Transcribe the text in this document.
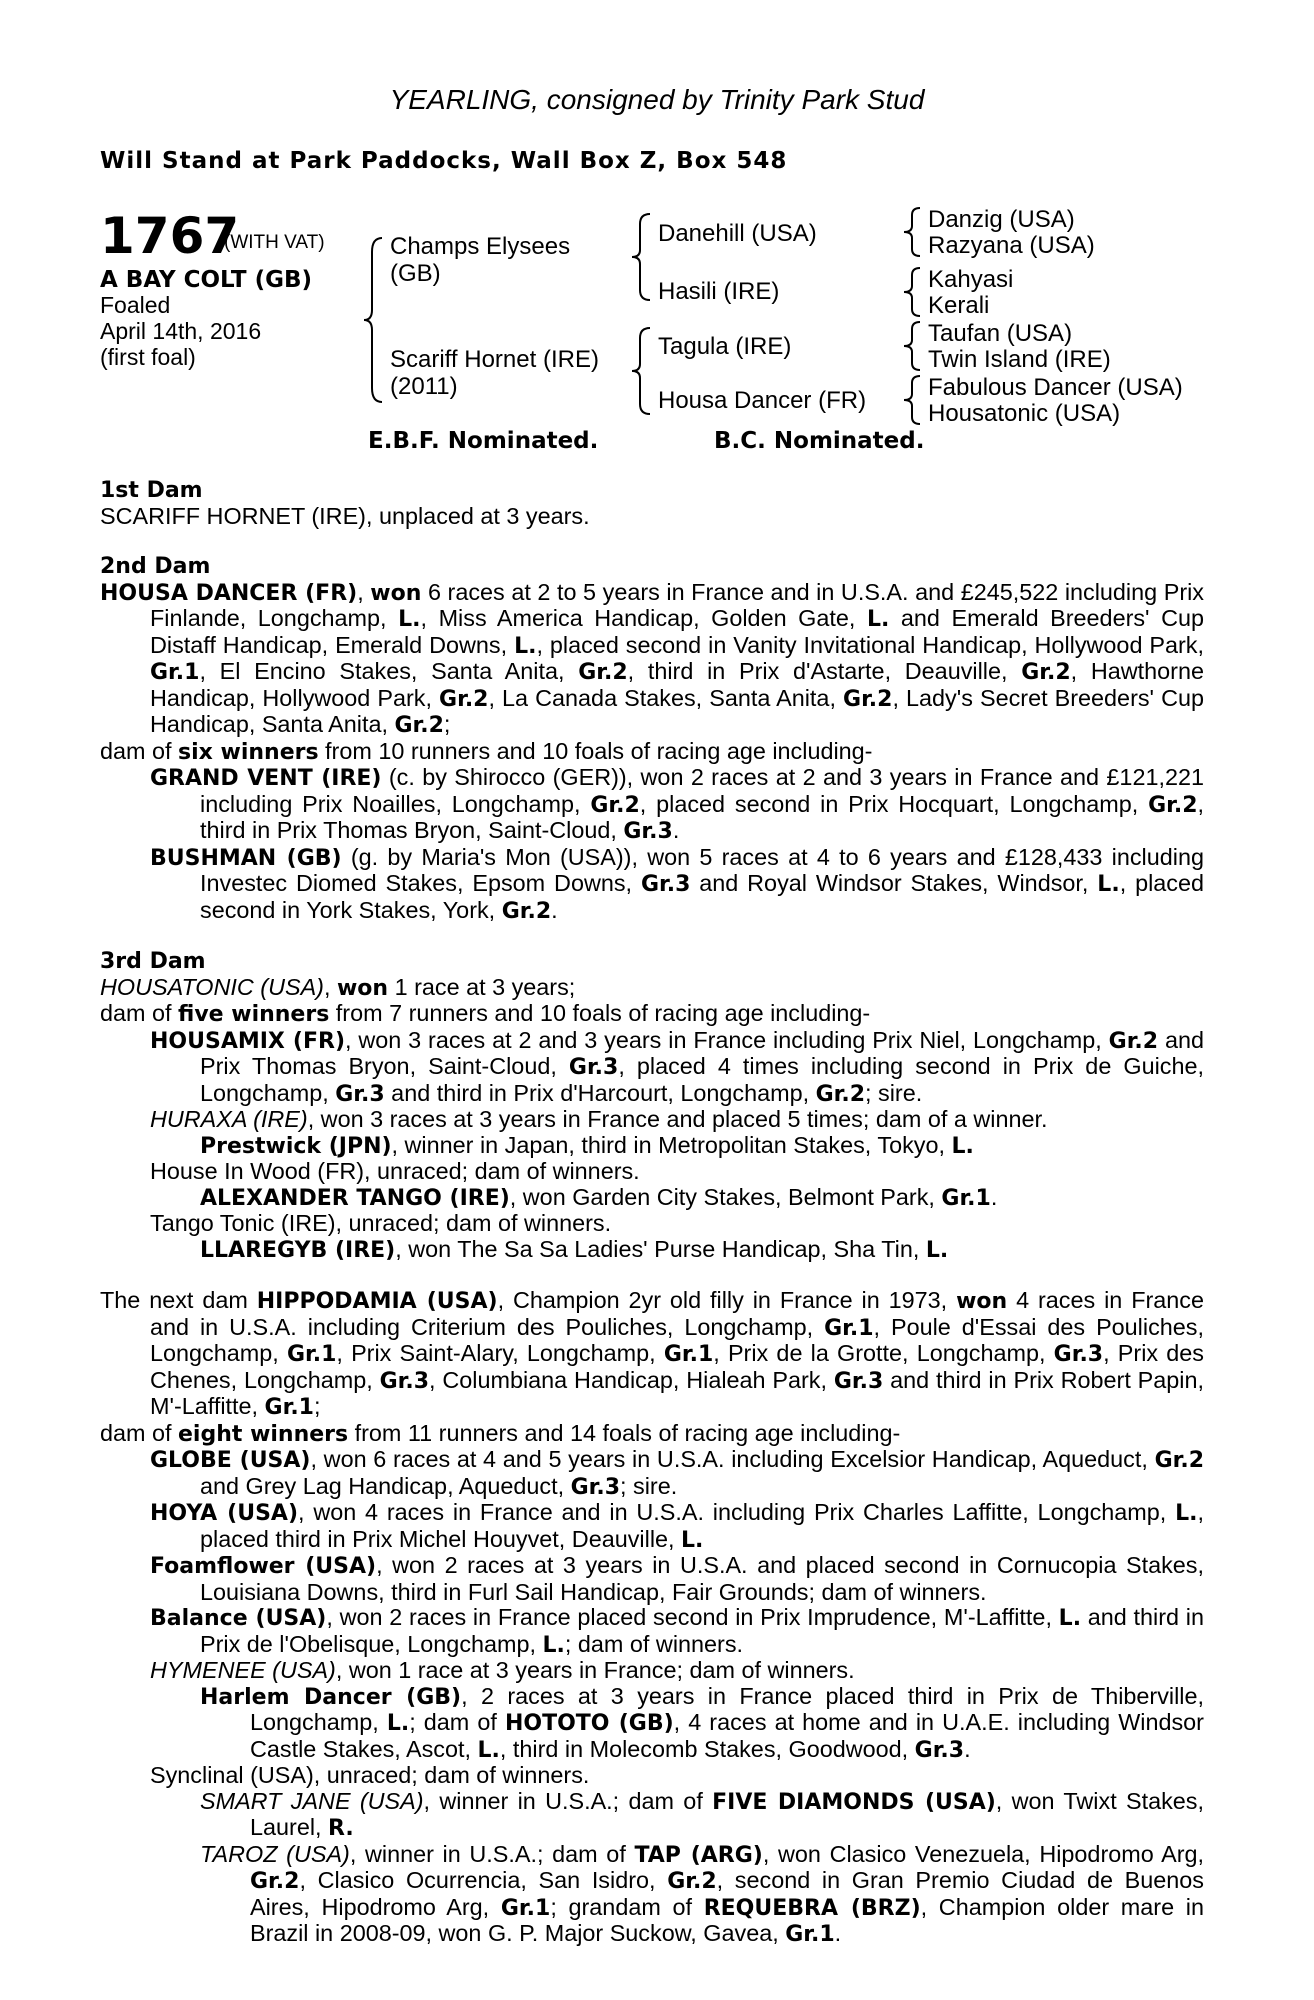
YEARLING, consigned by Trinity Park Stud
Will Stand at Park Paddocks, Wall Box Z, Box 548
1767
(WITH VAT)
A BAY COLT (GB)
Foaled
April 14th, 2016
(first foal)
Champs Elysees
(GB)
Scariff Hornet (IRE)
(2011)
Danehill (USA)
Hasili (IRE)
Tagula (IRE)
Housa Dancer (FR)
Danzig (USA)
Razyana (USA)
Kahyasi
Kerali
Taufan (USA)
Twin Island (IRE)
Fabulous Dancer (USA)
Housatonic (USA)
E.B.F. Nominated.	B.C. Nominated.

1st Dam

SCARIFF HORNET (IRE), unplaced at 3 years.

2nd Dam

HOUSA DANCER (FR), won 6 races at 2 to 5 years in France and in U.S.A. and £245,522 including Prix Finlande, Longchamp, L., Miss America Handicap, Golden Gate, L. and Emerald Breeders' Cup Distaff Handicap, Emerald Downs, L., placed second in Vanity Invitational Handicap, Hollywood Park, Gr.1, El Encino Stakes, Santa Anita, Gr.2, third in Prix d'Astarte, Deauville, Gr.2, Hawthorne Handicap, Hollywood Park, Gr.2, La Canada Stakes, Santa Anita, Gr.2, Lady's Secret Breeders' Cup Handicap, Santa Anita, Gr.2;

dam of six winners from 10 runners and 10 foals of racing age including-

GRAND VENT (IRE) (c. by Shirocco (GER)), won 2 races at 2 and 3 years in France and £121,221 including Prix Noailles, Longchamp, Gr.2, placed second in Prix Hocquart, Longchamp, Gr.2, third in Prix Thomas Bryon, Saint-Cloud, Gr.3.

BUSHMAN (GB) (g. by Maria's Mon (USA)), won 5 races at 4 to 6 years and £128,433 including Investec Diomed Stakes, Epsom Downs, Gr.3 and Royal Windsor Stakes, Windsor, L., placed second in York Stakes, York, Gr.2.

3rd Dam

HOUSATONIC (USA), won 1 race at 3 years;

dam of five winners from 7 runners and 10 foals of racing age including-

HOUSAMIX (FR), won 3 races at 2 and 3 years in France including Prix Niel, Longchamp, Gr.2 and Prix Thomas Bryon, Saint-Cloud, Gr.3, placed 4 times including second in Prix de Guiche, Longchamp, Gr.3 and third in Prix d'Harcourt, Longchamp, Gr.2; sire.

HURAXA (IRE), won 3 races at 3 years in France and placed 5 times; dam of a winner.

Prestwick (JPN), winner in Japan, third in Metropolitan Stakes, Tokyo, L.

House In Wood (FR), unraced; dam of winners.

ALEXANDER TANGO (IRE), won Garden City Stakes, Belmont Park, Gr.1.

Tango Tonic (IRE), unraced; dam of winners.

LLAREGYB (IRE), won The Sa Sa Ladies' Purse Handicap, Sha Tin, L.

The next dam HIPPODAMIA (USA), Champion 2yr old filly in France in 1973, won 4 races in France and in U.S.A. including Criterium des Pouliches, Longchamp, Gr.1, Poule d'Essai des Pouliches, Longchamp, Gr.1, Prix Saint-Alary, Longchamp, Gr.1, Prix de la Grotte, Longchamp, Gr.3, Prix des Chenes, Longchamp, Gr.3, Columbiana Handicap, Hialeah Park, Gr.3 and third in Prix Robert Papin, M'-Laffitte, Gr.1;

dam of eight winners from 11 runners and 14 foals of racing age including-

GLOBE (USA), won 6 races at 4 and 5 years in U.S.A. including Excelsior Handicap, Aqueduct, Gr.2 and Grey Lag Handicap, Aqueduct, Gr.3; sire.

HOYA (USA), won 4 races in France and in U.S.A. including Prix Charles Laffitte, Longchamp, L., placed third in Prix Michel Houyvet, Deauville, L.

Foamflower (USA), won 2 races at 3 years in U.S.A. and placed second in Cornucopia Stakes, Louisiana Downs, third in Furl Sail Handicap, Fair Grounds; dam of winners.

Balance (USA), won 2 races in France placed second in Prix Imprudence, M'-Laffitte, L. and third in Prix de l'Obelisque, Longchamp, L.; dam of winners.

HYMENEE (USA), won 1 race at 3 years in France; dam of winners.

Harlem Dancer (GB), 2 races at 3 years in France placed third in Prix de Thiberville, Longchamp, L.; dam of HOTOTO (GB), 4 races at home and in U.A.E. including Windsor Castle Stakes, Ascot, L., third in Molecomb Stakes, Goodwood, Gr.3.

Synclinal (USA), unraced; dam of winners.

SMART JANE (USA), winner in U.S.A.; dam of FIVE DIAMONDS (USA), won Twixt Stakes, Laurel, R.

TAROZ (USA), winner in U.S.A.; dam of TAP (ARG), won Clasico Venezuela, Hipodromo Arg, Gr.2, Clasico Ocurrencia, San Isidro, Gr.2, second in Gran Premio Ciudad de Buenos Aires, Hipodromo Arg, Gr.1; grandam of REQUEBRA (BRZ), Champion older mare in Brazil in 2008-09, won G. P. Major Suckow, Gavea, Gr.1.
